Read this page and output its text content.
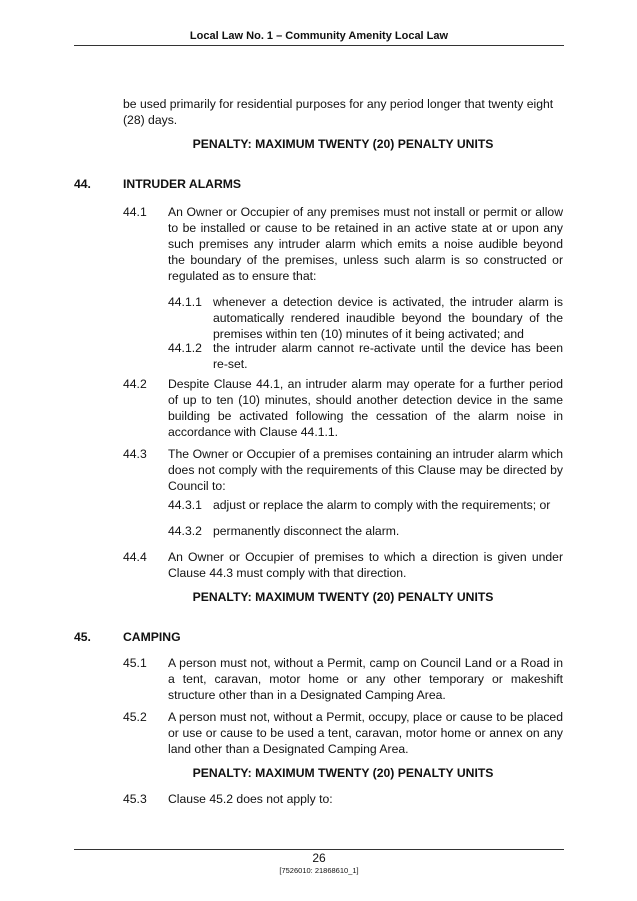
Local Law No. 1 – Community Amenity Local Law

be used primarily for residential purposes for any period longer that twenty eight (28) days.

PENALTY: MAXIMUM TWENTY (20) PENALTY UNITS
44.	INTRUDER ALARMS
44.1 An Owner or Occupier of any premises must not install or permit or allow to be installed or cause to be retained in an active state at or upon any such premises any intruder alarm which emits a noise audible beyond the boundary of the premises, unless such alarm is so constructed or regulated as to ensure that:

44.1.1 whenever a detection device is activated, the intruder alarm is automatically rendered inaudible beyond the boundary of the premises within ten (10) minutes of it being activated; and

44.1.2 the intruder alarm cannot re-activate until the device has been re-set.

44.2 Despite Clause 44.1, an intruder alarm may operate for a further period of up to ten (10) minutes, should another detection device in the same building be activated following the cessation of the alarm noise in accordance with Clause 44.1.1.

44.3 The Owner or Occupier of a premises containing an intruder alarm which does not comply with the requirements of this Clause may be directed by Council to:

44.3.1 adjust or replace the alarm to comply with the requirements; or

44.3.2 permanently disconnect the alarm.

44.4 An Owner or Occupier of premises to which a direction is given under Clause 44.3 must comply with that direction.

PENALTY: MAXIMUM TWENTY (20) PENALTY UNITS
45.	CAMPING
45.1 A person must not, without a Permit, camp on Council Land or a Road in a tent, caravan, motor home or any other temporary or makeshift structure other than in a Designated Camping Area.

45.2 A person must not, without a Permit, occupy, place or cause to be placed or use or cause to be used a tent, caravan, motor home or annex on any land other than a Designated Camping Area.

PENALTY: MAXIMUM TWENTY (20) PENALTY UNITS
45.3 Clause 45.2 does not apply to:

26
[7526010: 21868610_1]
